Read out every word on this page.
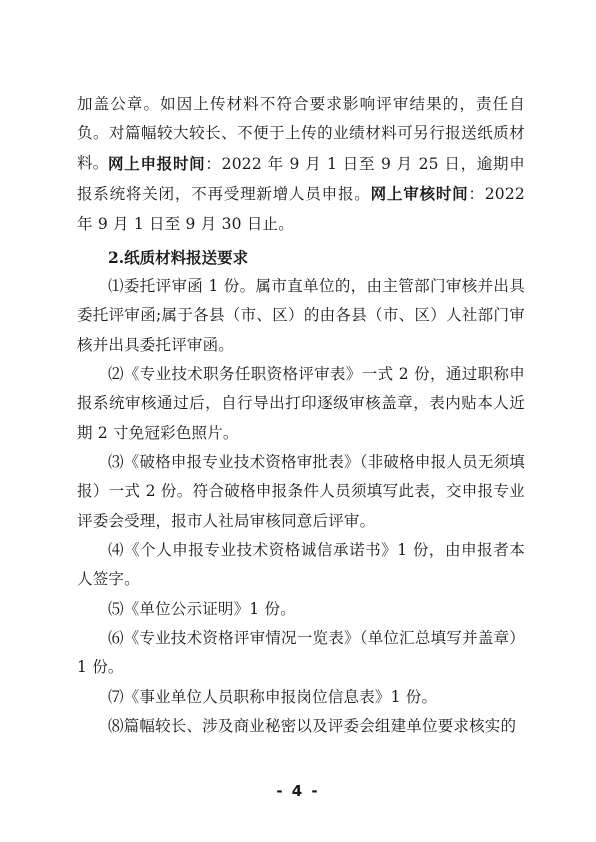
加盖公章。如因上传材料不符合要求影响评审结果的，责任自负。对篇幅较大较长、不便于上传的业绩材料可另行报送纸质材料。 网上申报时间：2022 年 9 月 1 日至 9 月 25 日，逾期申报系统将关闭，不再受理新增人员申报。网上审核时间：2022 年 9 月 1 日至 9 月 30 日止。

2.纸质材料报送要求

⑴委托评审函 1 份。属市直单位的，由主管部门审核并出具委托评审函;属于各县（市、区）的由各县（市、区）人社部门审核并出具委托评审函。

⑵《专业技术职务任职资格评审表》一式 2 份，通过职称申报系统审核通过后，自行导出打印逐级审核盖章，表内贴本人近期 2 寸免冠彩色照片。

⑶《破格申报专业技术资格审批表》（非破格申报人员无须填报）一式 2 份。符合破格申报条件人员须填写此表，交申报专业评委会受理，报市人社局审核同意后评审。

⑷《个人申报专业技术资格诚信承诺书》1 份，由申报者本人签字。

⑸《单位公示证明》1 份。

⑹《专业技术资格评审情况一览表》（单位汇总填写并盖章）1 份。

⑺《事业单位人员职称申报岗位信息表》1 份。

⑻篇幅较长、涉及商业秘密以及评委会组建单位要求核实的

- 4 -
